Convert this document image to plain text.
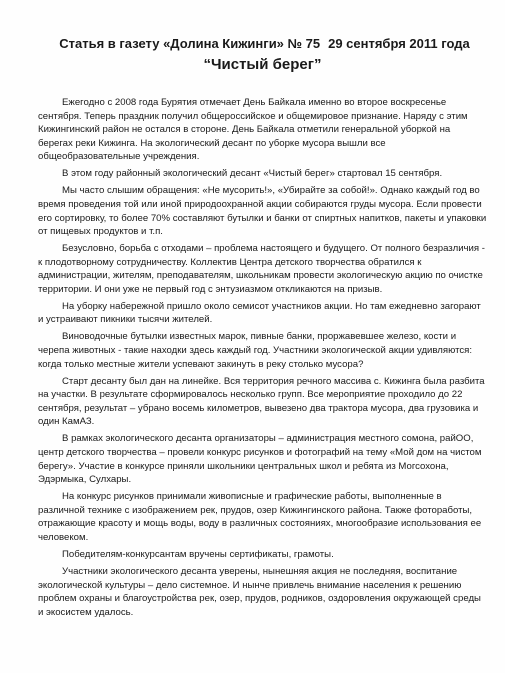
Статья в газету «Долина Кижинги» № 75 29 сентября 2011 года
“Чистый берег”

Ежегодно с 2008 года Бурятия отмечает День Байкала именно во второе воскресенье сентября. Теперь праздник получил общероссийское и общемировое признание. Наряду с этим Кижингинский район не остался в стороне. День Байкала отметили генеральной уборкой на берегах реки Кижинга. На экологический десант по уборке мусора вышли все общеобразовательные учреждения.

В этом году районный экологический десант «Чистый берег» стартовал 15 сентября.

Мы часто слышим обращения: «Не мусорить!», «Убирайте за собой!». Однако каждый год во время проведения той или иной природоохранной акции собираются груды мусора. Если провести его сортировку, то более 70% составляют бутылки и банки от спиртных напитков, пакеты и упаковки от пищевых продуктов и т.п.

Безусловно, борьба с отходами – проблема настоящего и будущего. От полного безразличия - к плодотворному сотрудничеству. Коллектив Центра детского творчества обратился к администрации, жителям, преподавателям, школьникам провести экологическую акцию по очистке территории. И они уже не первый год с энтузиазмом откликаются на призыв.

На уборку набережной пришло около семисот участников акции. Но там ежедневно загорают и устраивают пикники тысячи жителей.

Виноводочные бутылки известных марок, пивные банки, проржавевшее железо, кости и черепа животных - такие находки здесь каждый год. Участники экологической акции удивляются: когда только местные жители успевают закинуть в реку столько мусора?

Старт десанту был дан на линейке. Вся территория речного массива с. Кижинга была разбита на участки. В результате сформировалось несколько групп. Все мероприятие проходило до 22 сентября, результат – убрано восемь километров, вывезено два трактора мусора, два грузовика и один КамАЗ.

В рамках экологического десанта организаторы – администрация местного сомона, райОО, центр детского творчества – провели конкурс рисунков и фотографий на тему «Мой дом на чистом берегу». Участие в конкурсе приняли школьники центральных школ и ребята из Могсохона, Эдэрмыка, Сулхары.

На конкурс рисунков принимали живописные и графические работы, выполненные в различной технике с изображением рек, прудов, озер Кижингинского района. Также фотоработы, отражающие красоту и мощь воды, воду в различных состояниях, многообразие использования ее человеком.

Победителям-конкурсантам вручены сертификаты, грамоты.

Участники экологического десанта уверены, нынешняя акция не последняя, воспитание экологической культуры – дело системное. И нынче привлечь внимание населения к решению проблем охраны и благоустройства рек, озер, прудов, родников, оздоровления окружающей среды и экосистем удалось.
